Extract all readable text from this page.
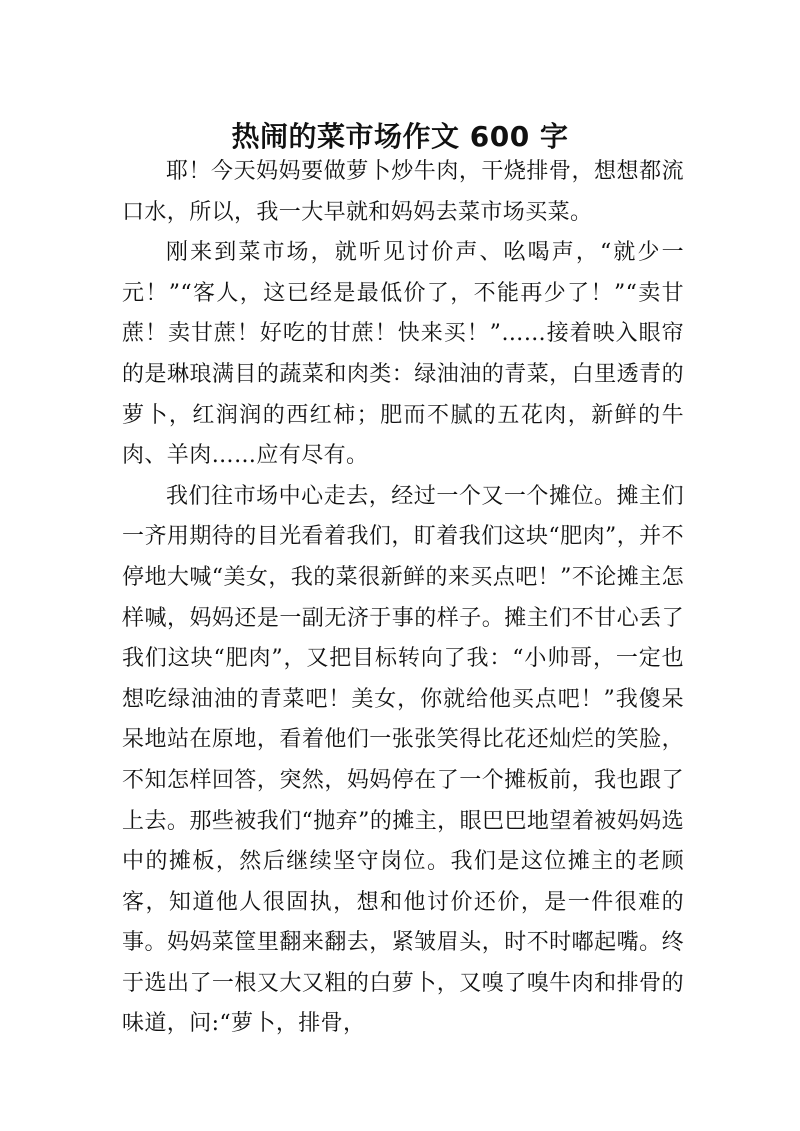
热闹的菜市场作文 600 字

耶！今天妈妈要做萝卜炒牛肉，干烧排骨，想想都流口水，所以，我一大早就和妈妈去菜市场买菜。

刚来到菜市场，就听见讨价声、吆喝声，“就少一元！”“客人，这已经是最低价了，不能再少了！”“卖甘蔗！卖甘蔗！好吃的甘蔗！快来买！”……接着映入眼帘的是琳琅满目的蔬菜和肉类：绿油油的青菜，白里透青的萝卜，红润润的西红柿；肥而不腻的五花肉，新鲜的牛肉、羊肉……应有尽有。

我们往市场中心走去，经过一个又一个摊位。摊主们一齐用期待的目光看着我们，盯着我们这块“肥肉”，并不停地大喊“美女，我的菜很新鲜的来买点吧！”不论摊主怎样喊，妈妈还是一副无济于事的样子。摊主们不甘心丢了我们这块“肥肉”，又把目标转向了我：“小帅哥，一定也想吃绿油油的青菜吧！美女，你就给他买点吧！”我傻呆呆地站在原地，看着他们一张张笑得比花还灿烂的笑脸，不知怎样回答，突然，妈妈停在了一个摊板前，我也跟了上去。那些被我们“抛弃”的摊主，眼巴巴地望着被妈妈选中的摊板，然后继续坚守岗位。我们是这位摊主的老顾客，知道他人很固执，想和他讨价还价，是一件很难的事。妈妈菜筐里翻来翻去，紧皱眉头，时不时嘟起嘴。终于选出了一根又大又粗的白萝卜，又嗅了嗅牛肉和排骨的味道，问:“萝卜，排骨，
